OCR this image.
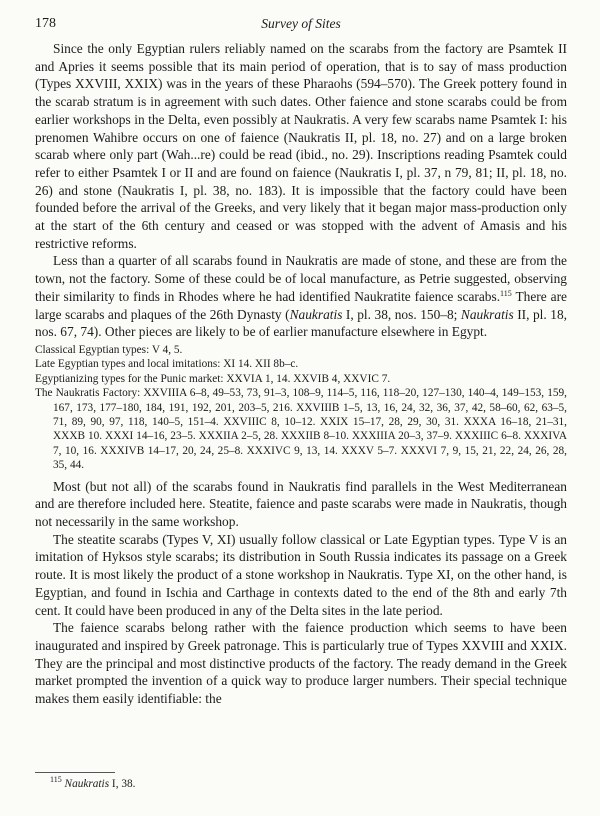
178	Survey of Sites

Since the only Egyptian rulers reliably named on the scarabs from the factory are Psamtek II and Apries it seems possible that its main period of operation, that is to say of mass production (Types XXVIII, XXIX) was in the years of these Pharaohs (594–570). The Greek pottery found in the scarab stratum is in agreement with such dates. Other faience and stone scarabs could be from earlier workshops in the Delta, even possibly at Naukratis. A very few scarabs name Psamtek I: his prenomen Wahibre occurs on one of faience (Naukratis II, pl. 18, no. 27) and on a large broken scarab where only part (Wah...re) could be read (ibid., no. 29). Inscriptions reading Psamtek could refer to either Psamtek I or II and are found on faience (Naukratis I, pl. 37, n 79, 81; II, pl. 18, no. 26) and stone (Naukratis I, pl. 38, no. 183). It is impossible that the factory could have been founded before the arrival of the Greeks, and very likely that it began major mass-production only at the start of the 6th century and ceased or was stopped with the advent of Amasis and his restrictive reforms.

Less than a quarter of all scarabs found in Naukratis are made of stone, and these are from the town, not the factory. Some of these could be of local manufacture, as Petrie suggested, observing their similarity to finds in Rhodes where he had identified Naukratite faience scarabs.$^{115}$ There are large scarabs and plaques of the 26th Dynasty (Naukratis I, pl. 38, nos. 150–8; Naukratis II, pl. 18, nos. 67, 74). Other pieces are likely to be of earlier manufacture elsewhere in Egypt.

Classical Egyptian types: V 4, 5.
Late Egyptian types and local imitations: XI 14. XII 8b–c.
Egyptianizing types for the Punic market: XXVIA 1, 14. XXVIB 4, XXVIC 7.
The Naukratis Factory: XXVIIIA 6–8, 49–53, 73, 91–3, 108–9, 114–5, 116, 118–20, 127–130, 140–4, 149–153, 159, 167, 173, 177–180, 184, 191, 192, 201, 203–5, 216. XXVIIIB 1–5, 13, 16, 24, 32, 36, 37, 42, 58–60, 62, 63–5, 71, 89, 90, 97, 118, 140–5, 151–4. XXVIIIC 8, 10–12. XXIX 15–17, 28, 29, 30, 31. XXXA 16–18, 21–31, XXXB 10. XXXI 14–16, 23–5. XXXIIA 2–5, 28. XXXIIB 8–10. XXXIIIA 20–3, 37–9. XXXIIIC 6–8. XXXIVA 7, 10, 16. XXXIVB 14–17, 20, 24, 25–8. XXXIVC 9, 13, 14. XXXV 5–7. XXXVI 7, 9, 15, 21, 22, 24, 26, 28, 35, 44.

Most (but not all) of the scarabs found in Naukratis find parallels in the West Mediterranean and are therefore included here. Steatite, faience and paste scarabs were made in Naukratis, though not necessarily in the same workshop.

The steatite scarabs (Types V, XI) usually follow classical or Late Egyptian types. Type V is an imitation of Hyksos style scarabs; its distribution in South Russia indicates its passage on a Greek route. It is most likely the product of a stone workshop in Naukratis. Type XI, on the other hand, is Egyptian, and found in Ischia and Carthage in contexts dated to the end of the 8th and early 7th cent. It could have been produced in any of the Delta sites in the late period.

The faience scarabs belong rather with the faience production which seems to have been inaugurated and inspired by Greek patronage. This is particularly true of Types XXVIII and XXIX. They are the principal and most distinctive products of the factory. The ready demand in the Greek market prompted the invention of a quick way to produce larger numbers. Their special technique makes them easily identifiable: the

$^{115}$ Naukratis I, 38.
